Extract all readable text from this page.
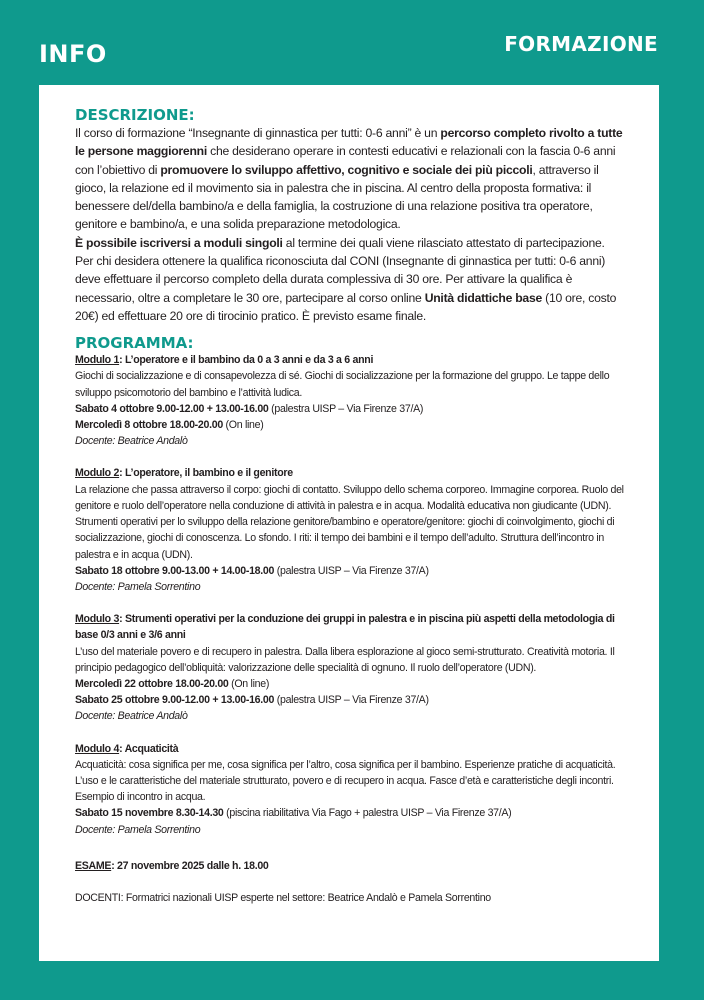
INFO	FORMAZIONE
DESCRIZIONE:

Il corso di formazione “Insegnante di ginnastica per tutti: 0-6 anni” è un percorso completo rivolto a tutte le persone maggiorenni che desiderano operare in contesti educativi e relazionali con la fascia 0-6 anni con l’obiettivo di promuovere lo sviluppo affettivo, cognitivo e sociale dei più piccoli, attraverso il gioco, la relazione ed il movimento sia in palestra che in piscina. Al centro della proposta formativa: il benessere del/della bambino/a e della famiglia, la costruzione di una relazione positiva tra operatore, genitore e bambino/a, e una solida preparazione metodologica.

È possibile iscriversi a moduli singoli al termine dei quali viene rilasciato attestato di partecipazione.

Per chi desidera ottenere la qualifica riconosciuta dal CONI (Insegnante di ginnastica per tutti: 0-6 anni) deve effettuare il percorso completo della durata complessiva di 30 ore. Per attivare la qualifica è necessario, oltre a completare le 30 ore, partecipare al corso online Unità didattiche base (10 ore, costo 20€) ed effettuare 20 ore di tirocinio pratico. È previsto esame finale.

PROGRAMMA:

Modulo 1: L’operatore e il bambino da 0 a 3 anni e da 3 a 6 anni

Giochi di socializzazione e di consapevolezza di sé. Giochi di socializzazione per la formazione del gruppo. Le tappe dello sviluppo psicomotorio del bambino e l’attività ludica.

Sabato 4 ottobre 9.00-12.00 + 13.00-16.00 (palestra UISP – Via Firenze 37/A)

Mercoledì 8 ottobre 18.00-20.00 (On line)

Docente: Beatrice Andalò

Modulo 2: L’operatore, il bambino e il genitore

La relazione che passa attraverso il corpo: giochi di contatto. Sviluppo dello schema corporeo. Immagine corporea. Ruolo del genitore e ruolo dell’operatore nella conduzione di attività in palestra e in acqua. Modalità educativa non giudicante (UDN). Strumenti operativi per lo sviluppo della relazione genitore/bambino e operatore/genitore: giochi di coinvolgimento, giochi di socializzazione, giochi di conoscenza. Lo sfondo. I riti: il tempo dei bambini e il tempo dell’adulto. Struttura dell’incontro in palestra e in acqua (UDN).

Sabato 18 ottobre 9.00-13.00 + 14.00-18.00 (palestra UISP – Via Firenze 37/A)

Docente: Pamela Sorrentino

Modulo 3: Strumenti operativi per la conduzione dei gruppi in palestra e in piscina più aspetti della metodologia di base 0/3 anni e 3/6 anni

L’uso del materiale povero e di recupero in palestra. Dalla libera esplorazione al gioco semi-strutturato. Creatività motoria. Il principio pedagogico dell’obliquità: valorizzazione delle specialità di ognuno. Il ruolo dell’operatore (UDN).

Mercoledì 22 ottobre 18.00-20.00 (On line)

Sabato 25 ottobre 9.00-12.00 + 13.00-16.00 (palestra UISP – Via Firenze 37/A)

Docente: Beatrice Andalò

Modulo 4: Acquaticità

Acquaticità: cosa significa per me, cosa significa per l’altro, cosa significa per il bambino. Esperienze pratiche di acquaticità. L’uso e le caratteristiche del materiale strutturato, povero e di recupero in acqua. Fasce d’età e caratteristiche degli incontri. Esempio di incontro in acqua.

Sabato 15 novembre 8.30-14.30 (piscina riabilitativa Via Fago + palestra UISP – Via Firenze 37/A)

Docente: Pamela Sorrentino

ESAME: 27 novembre 2025 dalle h. 18.00
DOCENTI: Formatrici nazionali UISP esperte nel settore: Beatrice Andalò e Pamela Sorrentino
